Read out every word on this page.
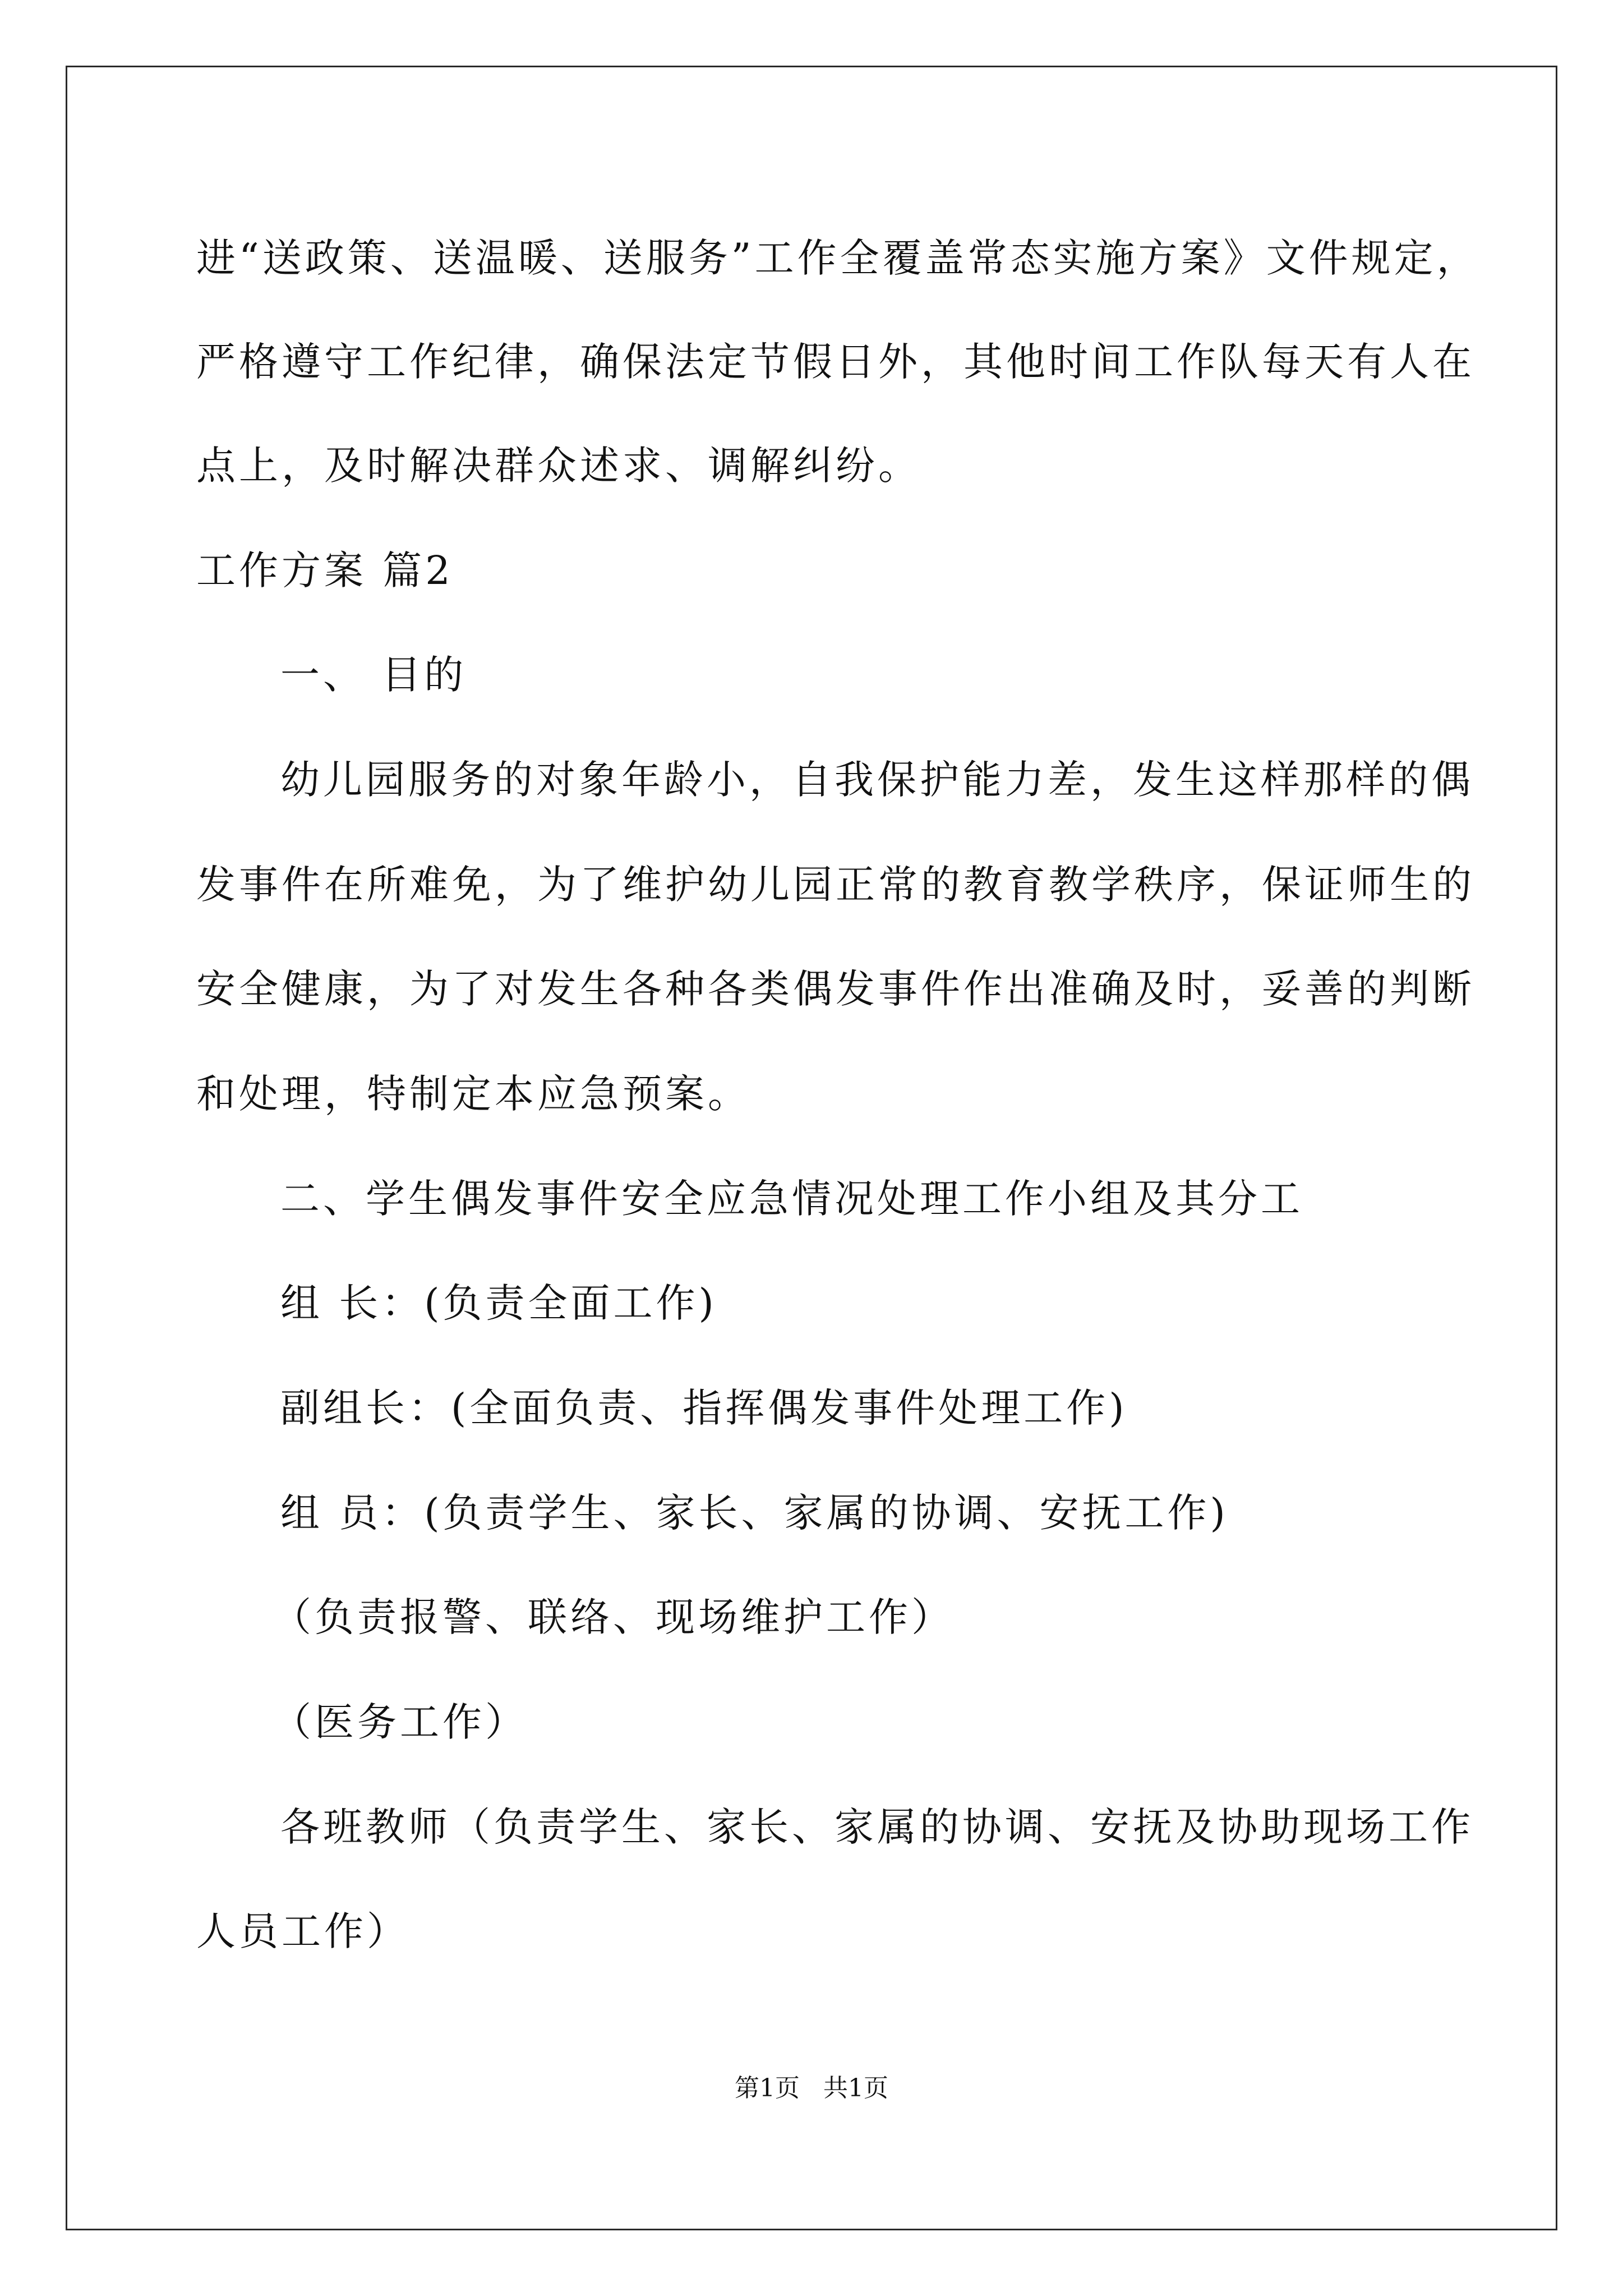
进“送政策、送温暖、送服务”工作全覆盖常态实施方案》文件规定，

严格遵守工作纪律，确保法定节假日外，其他时间工作队每天有人在

点上，及时解决群众述求、调解纠纷。

工作方案 篇2

一、 目的

幼儿园服务的对象年龄小，自我保护能力差，发生这样那样的偶

发事件在所难免，为了维护幼儿园正常的教育教学秩序，保证师生的

安全健康，为了对发生各种各类偶发事件作出准确及时，妥善的判断

和处理，特制定本应急预案。

二、学生偶发事件安全应急情况处理工作小组及其分工

组 长：(负责全面工作)

副组长：(全面负责、指挥偶发事件处理工作)

组 员：(负责学生、家长、家属的协调、安抚工作)

（负责报警、联络、现场维护工作）

（医务工作）

各班教师（负责学生、家长、家属的协调、安抚及协助现场工作

人员工作）

第1页   共1页
